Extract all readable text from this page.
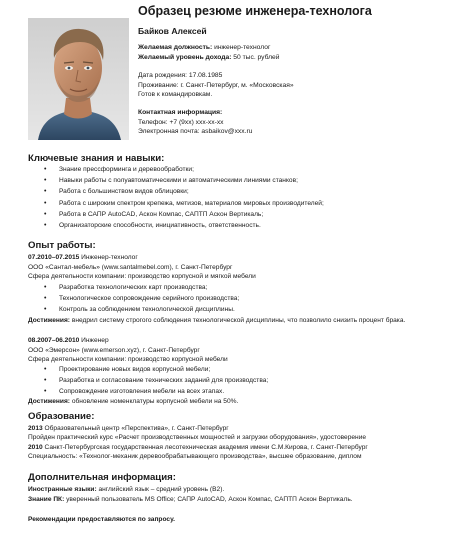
Образец резюме инженера-технолога
Байков Алексей
Желаемая должность: инженер-технолог
Желаемый уровень дохода: 50 тыс. рублей
Дата рождения: 17.08.1985
Проживание: г. Санкт-Петербург, м. «Московская»
Готов к командировкам.
Контактная информация:
Телефон: +7 (9хх) ххх-хх-хх
Электронная почта: asbaikov@ххх.ru
Ключевые знания и навыки:
• Знание прессформинга и деревообработки;
• Навыки работы с полуавтоматическими и автоматическими линиями станков;
• Работа с большинством видов облицовки;
• Работа с широким спектром крепежа, метизов, материалов мировых производителей;
• Работа в САПР AutoCAD, Аскон Компас, САПТП Аскон Вертикаль;
• Организаторские способности, инициативность, ответственность.
Опыт работы:
07.2010–07.2015 Инженер-технолог
ООО «Сантал-мебель» (www.santalmebel.com), г. Санкт-Петербург
Сфера деятельности компании: производство корпусной и мягкой мебели
• Разработка технологических карт производства;
• Технологическое сопровождение серийного производства;
• Контроль за соблюдением технологической дисциплины.
Достижения: внедрил систему строгого соблюдения технологической дисциплины, что позволило снизить процент брака.
08.2007–06.2010 Инженер
ООО «Эмерсон» (www.emerson.xyz), г. Санкт-Петербург
Сфера деятельности компании: производство корпусной мебели
• Проектирование новых видов корпусной мебели;
• Разработка и согласование технических заданий для производства;
• Сопровождение изготовления мебели на всех этапах.
Достижения: обновление номенклатуры корпусной мебели на 50%.
Образование:
2013 Образовательный центр «Перспектива», г. Санкт-Петербург
Пройден практический курс «Расчет производственных мощностей и загрузки оборудования», удостоверение
2010 Санкт-Петербургская государственная лесотехническая академия имени С.М.Кирова, г. Санкт-Петербург
Специальность: «Технолог-механик деревообрабатывающего производства», высшее образование, диплом
Дополнительная информация:
Иностранные языки: английский язык – средний уровень (B2).
Знание ПК: уверенный пользователь MS Office; САПР AutoCAD, Аскон Компас, САПТП Аскон Вертикаль.
Рекомендации предоставляются по запросу.
